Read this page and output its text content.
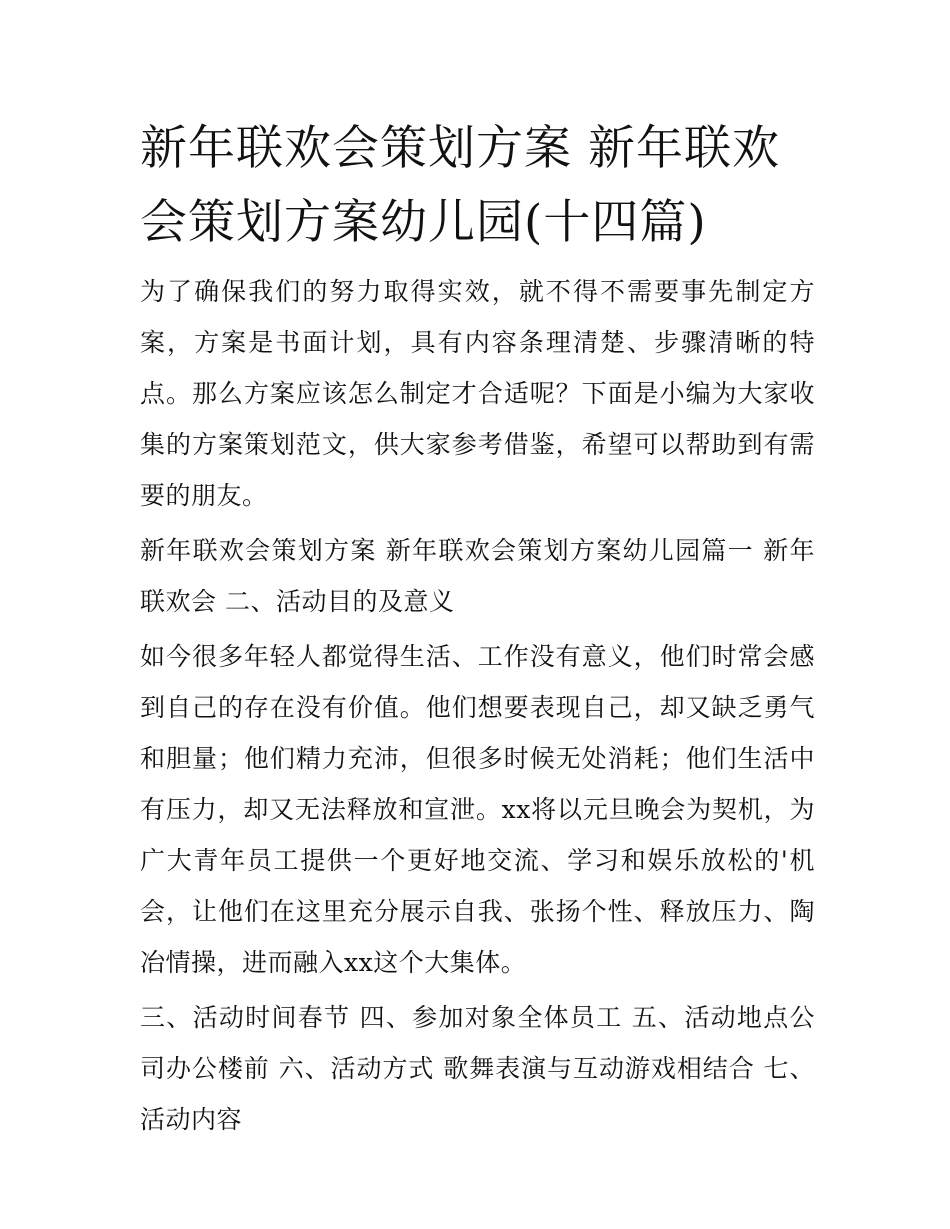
新年联欢会策划方案 新年联欢会策划方案幼儿园(十四篇)

为了确保我们的努力取得实效，就不得不需要事先制定方案，方案是书面计划，具有内容条理清楚、步骤清晰的特点。那么方案应该怎么制定才合适呢？下面是小编为大家收集的方案策划范文，供大家参考借鉴，希望可以帮助到有需要的朋友。

新年联欢会策划方案 新年联欢会策划方案幼儿园篇一 新年联欢会 二、活动目的及意义

如今很多年轻人都觉得生活、工作没有意义，他们时常会感到自己的存在没有价值。他们想要表现自己，却又缺乏勇气和胆量；他们精力充沛，但很多时候无处消耗；他们生活中有压力，却又无法释放和宣泄。xx将以元旦晚会为契机，为广大青年员工提供一个更好地交流、学习和娱乐放松的'机会，让他们在这里充分展示自我、张扬个性、释放压力、陶冶情操，进而融入xx这个大集体。

三、活动时间春节 四、参加对象全体员工 五、活动地点公司办公楼前 六、活动方式 歌舞表演与互动游戏相结合 七、活动内容
